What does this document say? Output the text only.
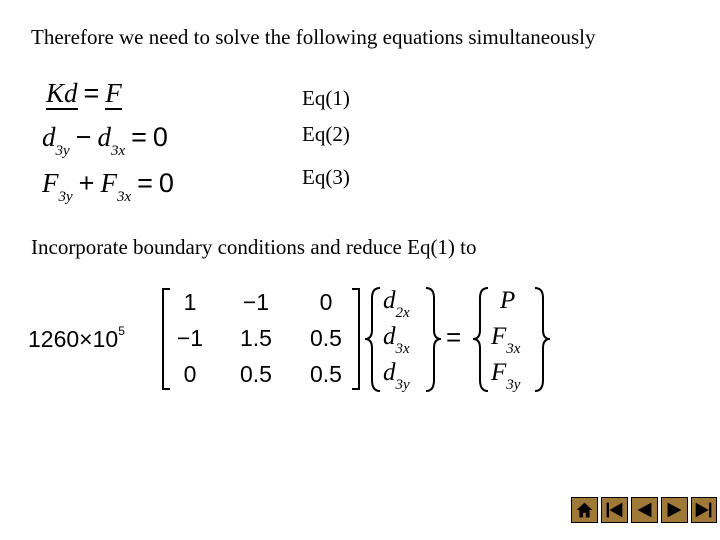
Therefore we need to solve the following equations simultaneously
Kd = F
$d_{3y} - d_{3x} = 0$
$F_{3y} + F_{3x} = 0$
Eq(1)
Eq(2)
Eq(3)
Incorporate boundary conditions and reduce Eq(1) to
$1260\times 10^5$
1	−1	0
−1	1.5	0.5
0	0.5	0.5
$d_{2x}$
$d_{3x}$
$d_{3y}$
=
P
$F_{3x}$
$F_{3y}$
